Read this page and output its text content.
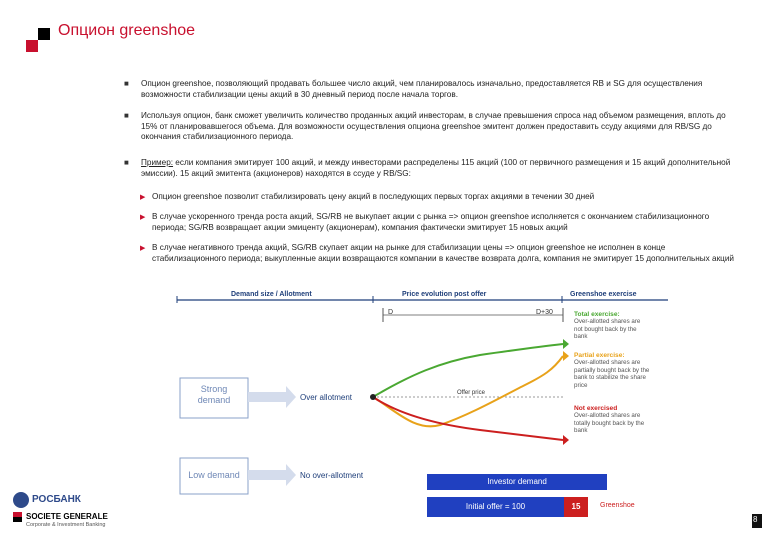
Опцион greenshoe
■	Опцион greenshoe, позволяющий продавать большее число акций, чем планировалось изначально, предоставляется RB и SG для осуществления возможности стабилизации цены акций в 30 дневный период после начала торгов.
■	Используя опцион, банк сможет увеличить количество проданных акций инвесторам, в случае превышения спроса над объемом размещения, вплоть до 15% от планировавшегося объема. Для возможности осуществления опциона greenshoe эмитент должен предоставить ссуду акциями для RB/SG до окончания стабилизационного периода.
■	Пример: если компания эмитирует 100 акций, и между инвесторами распределены 115 акций (100 от первичного размещения и 15 акций дополнительной эмиссии). 15 акций эмитента (акционеров) находятся в ссуде у RB/SG:
▶ Опцион greenshoe позволит стабилизировать цену акций в последующих первых торгах акциями в течении 30 дней
▶ В случае ускоренного тренда роста акций, SG/RB не выкупает акции с рынка => опцион greenshoe исполняется с окончанием стабилизационного периода; SG/RB возвращает акции эмиценту (акционерам), компания фактически эмитирует 15 новых акций
▶ В случае негативного тренда акций, SG/RB скупает акции на рынке для стабилизации цены => опцион greenshoe не исполнен в конце стабилизационного периода; выкупленные акции возвращаются компании в качестве возврата долга, компания не эмитирует 15 дополнительных акций
Demand size / Allotment	Price evolution post offer	Greenshoe exercise
Strong demand
Low demand
Over allotment
No over-allotment
D	D+30
Offer price
Total exercise:
Over-allotted shares are not bought back by the bank
Partial exercise:
Over-allotted shares are partially bought back by the bank to stabilize the share price
Not exercised
Over-allotted shares are totally bought back by the bank
Investor demand
Initial offer = 100	15	Greenshoe
РОСБАНК
SOCIETE GENERALE
Corporate & Investment Banking
8
